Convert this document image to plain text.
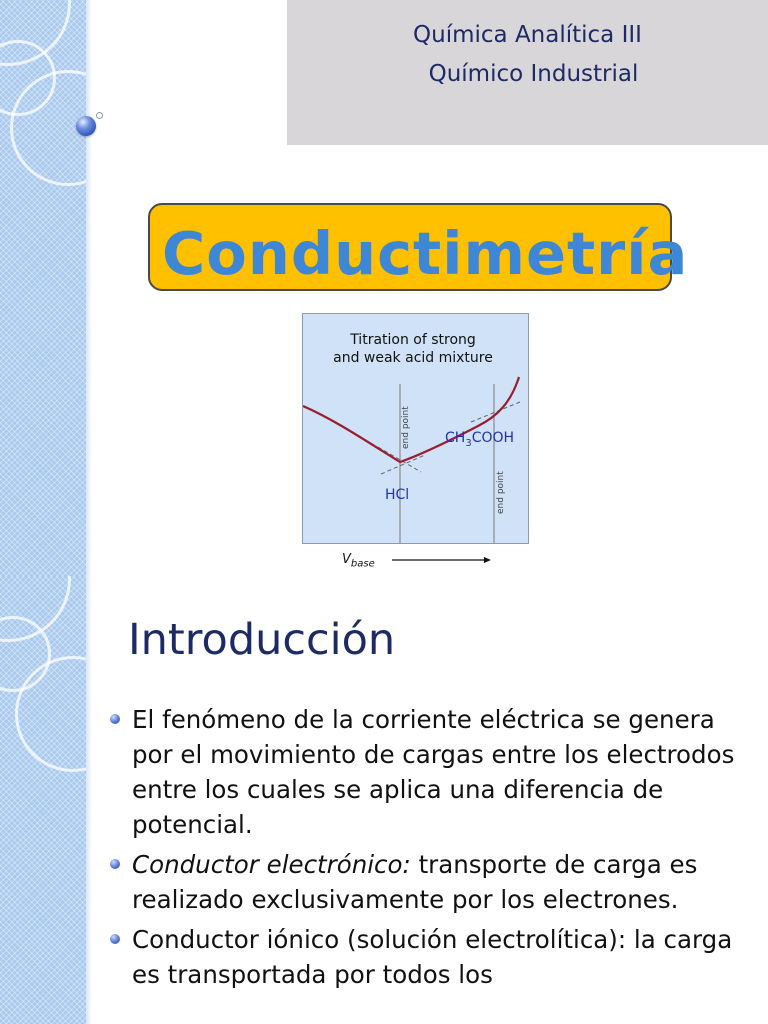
Química Analítica III
Químico Industrial
Conductimetría
Titration of strong
and weak acid mixture
end point
end point
HCl
$CH_3COOH$
$V_{base}$
Introducción
El fenómeno de la corriente eléctrica se genera por el movimiento de cargas entre los electrodos entre los cuales se aplica una diferencia de potencial.
Conductor electrónico: transporte de carga es realizado exclusivamente por los electrones.
Conductor iónico (solución electrolítica): la carga es transportada por todos los
